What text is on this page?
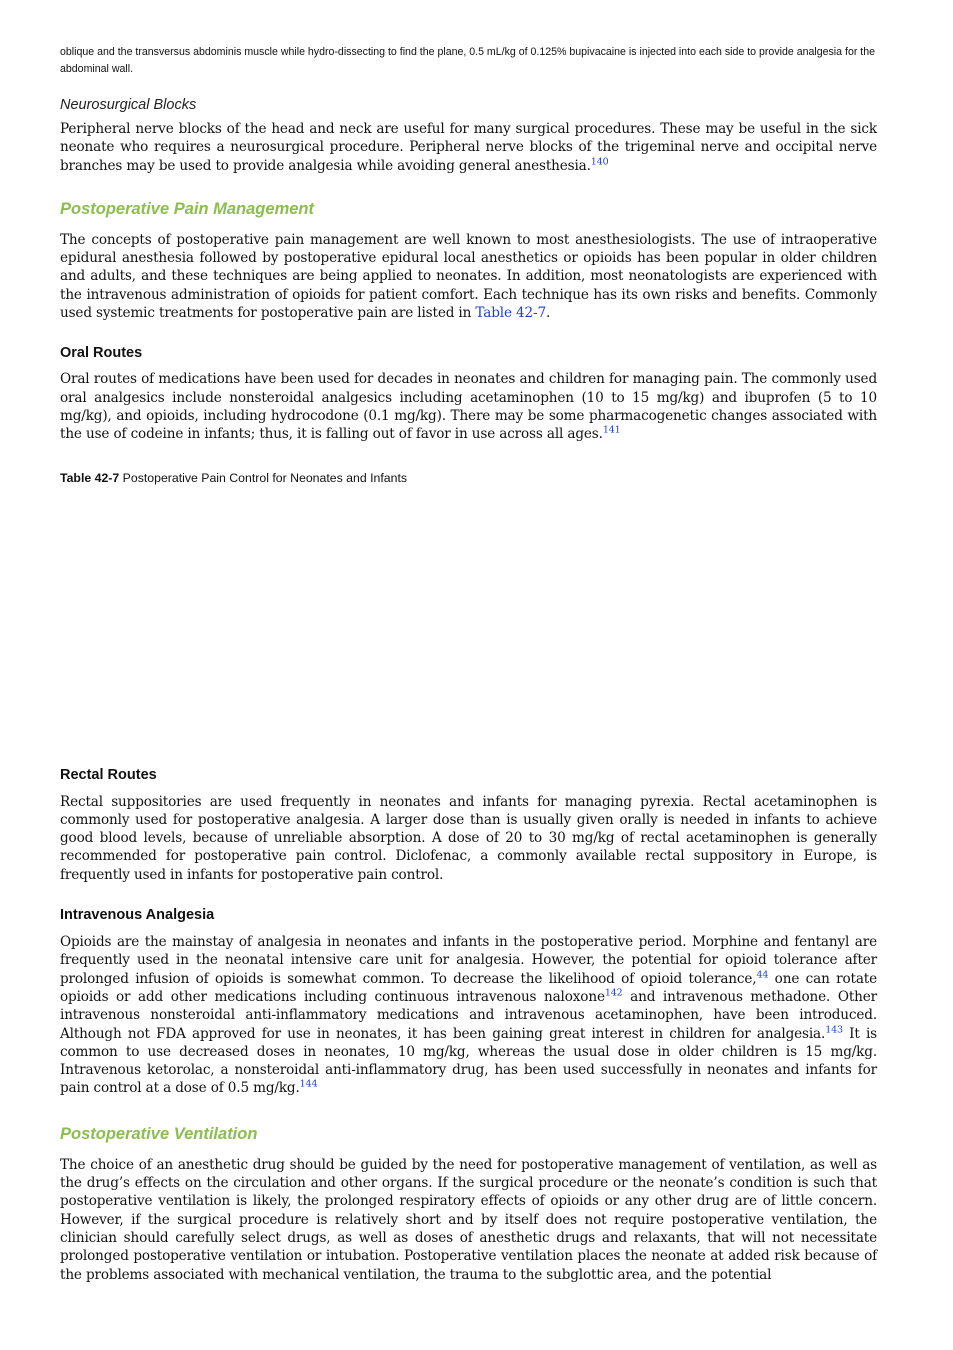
oblique and the transversus abdominis muscle while hydro-dissecting to find the plane, 0.5 mL/kg of 0.125% bupivacaine is injected into each side to provide analgesia for the abdominal wall.

Neurosurgical Blocks

Peripheral nerve blocks of the head and neck are useful for many surgical procedures. These may be useful in the sick neonate who requires a neurosurgical procedure. Peripheral nerve blocks of the trigeminal nerve and occipital nerve branches may be used to provide analgesia while avoiding general anesthesia.$^{140}$

Postoperative Pain Management

The concepts of postoperative pain management are well known to most anesthesiologists. The use of intraoperative epidural anesthesia followed by postoperative epidural local anesthetics or opioids has been popular in older children and adults, and these techniques are being applied to neonates. In addition, most neonatologists are experienced with the intravenous administration of opioids for patient comfort. Each technique has its own risks and benefits. Commonly used systemic treatments for postoperative pain are listed in Table 42-7.

Oral Routes

Oral routes of medications have been used for decades in neonates and children for managing pain. The commonly used oral analgesics include nonsteroidal analgesics including acetaminophen (10 to 15 mg/kg) and ibuprofen (5 to 10 mg/kg), and opioids, including hydrocodone (0.1 mg/kg). There may be some pharmacogenetic changes associated with the use of codeine in infants; thus, it is falling out of favor in use across all ages.$^{141}$

Table 42-7 Postoperative Pain Control for Neonates and Infants

Rectal Routes

Rectal suppositories are used frequently in neonates and infants for managing pyrexia. Rectal acetaminophen is commonly used for postoperative analgesia. A larger dose than is usually given orally is needed in infants to achieve good blood levels, because of unreliable absorption. A dose of 20 to 30 mg/kg of rectal acetaminophen is generally recommended for postoperative pain control. Diclofenac, a commonly available rectal suppository in Europe, is frequently used in infants for postoperative pain control.

Intravenous Analgesia

Opioids are the mainstay of analgesia in neonates and infants in the postoperative period. Morphine and fentanyl are frequently used in the neonatal intensive care unit for analgesia. However, the potential for opioid tolerance after prolonged infusion of opioids is somewhat common. To decrease the likelihood of opioid tolerance,$^{44}$ one can rotate opioids or add other medications including continuous intravenous naloxone$^{142}$ and intravenous methadone. Other intravenous nonsteroidal anti-inflammatory medications and intravenous acetaminophen, have been introduced. Although not FDA approved for use in neonates, it has been gaining great interest in children for analgesia.$^{143}$ It is common to use decreased doses in neonates, 10 mg/kg, whereas the usual dose in older children is 15 mg/kg. Intravenous ketorolac, a nonsteroidal anti-inflammatory drug, has been used successfully in neonates and infants for pain control at a dose of 0.5 mg/kg.$^{144}$

Postoperative Ventilation

The choice of an anesthetic drug should be guided by the need for postoperative management of ventilation, as well as the drug’s effects on the circulation and other organs. If the surgical procedure or the neonate’s condition is such that postoperative ventilation is likely, the prolonged respiratory effects of opioids or any other drug are of little concern. However, if the surgical procedure is relatively short and by itself does not require postoperative ventilation, the clinician should carefully select drugs, as well as doses of anesthetic drugs and relaxants, that will not necessitate prolonged postoperative ventilation or intubation. Postoperative ventilation places the neonate at added risk because of the problems associated with mechanical ventilation, the trauma to the subglottic area, and the potential
